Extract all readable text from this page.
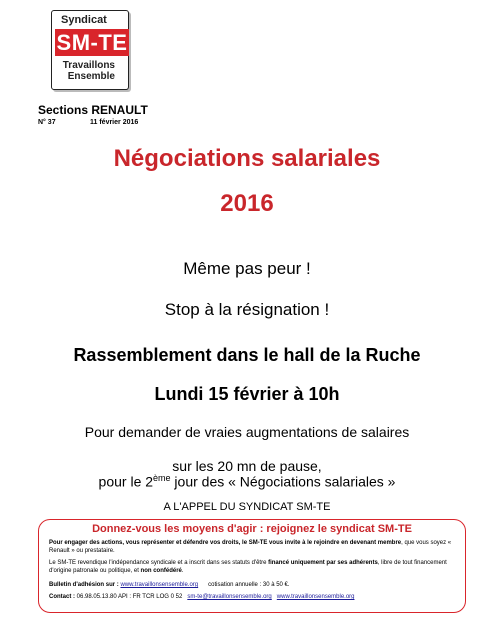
Syndicat
SM-TE
Travaillons
Ensemble
Sections RENAULT
N° 37	11 février 2016
Négociations salariales
2016
Même pas peur !
Stop à la résignation !
Rassemblement dans le hall de la Ruche
Lundi 15 février à 10h
Pour demander de vraies augmentations de salaires
sur les 20 mn de pause,
pour le 2ème jour des « Négociations salariales »
A L'APPEL DU SYNDICAT SM-TE
Donnez-vous les moyens d'agir : rejoignez le syndicat SM-TE
Pour engager des actions, vous représenter et défendre vos droits, le SM-TE vous invite à le rejoindre en devenant membre, que vous soyez « Renault » ou prestataire.
Le SM-TE revendique l'indépendance syndicale et a inscrit dans ses statuts d'être financé uniquement par ses adhérents, libre de tout financement d'origine patronale ou politique, et non confédéré.
Bulletin d'adhésion sur : www.travaillonsensemble.org cotisation annuelle : 30 à 50 €.
Contact : 06.98.05.13.80 API : FR TCR LOG 0 52 sm-te@travaillonsensemble.org www.travaillonsensemble.org
